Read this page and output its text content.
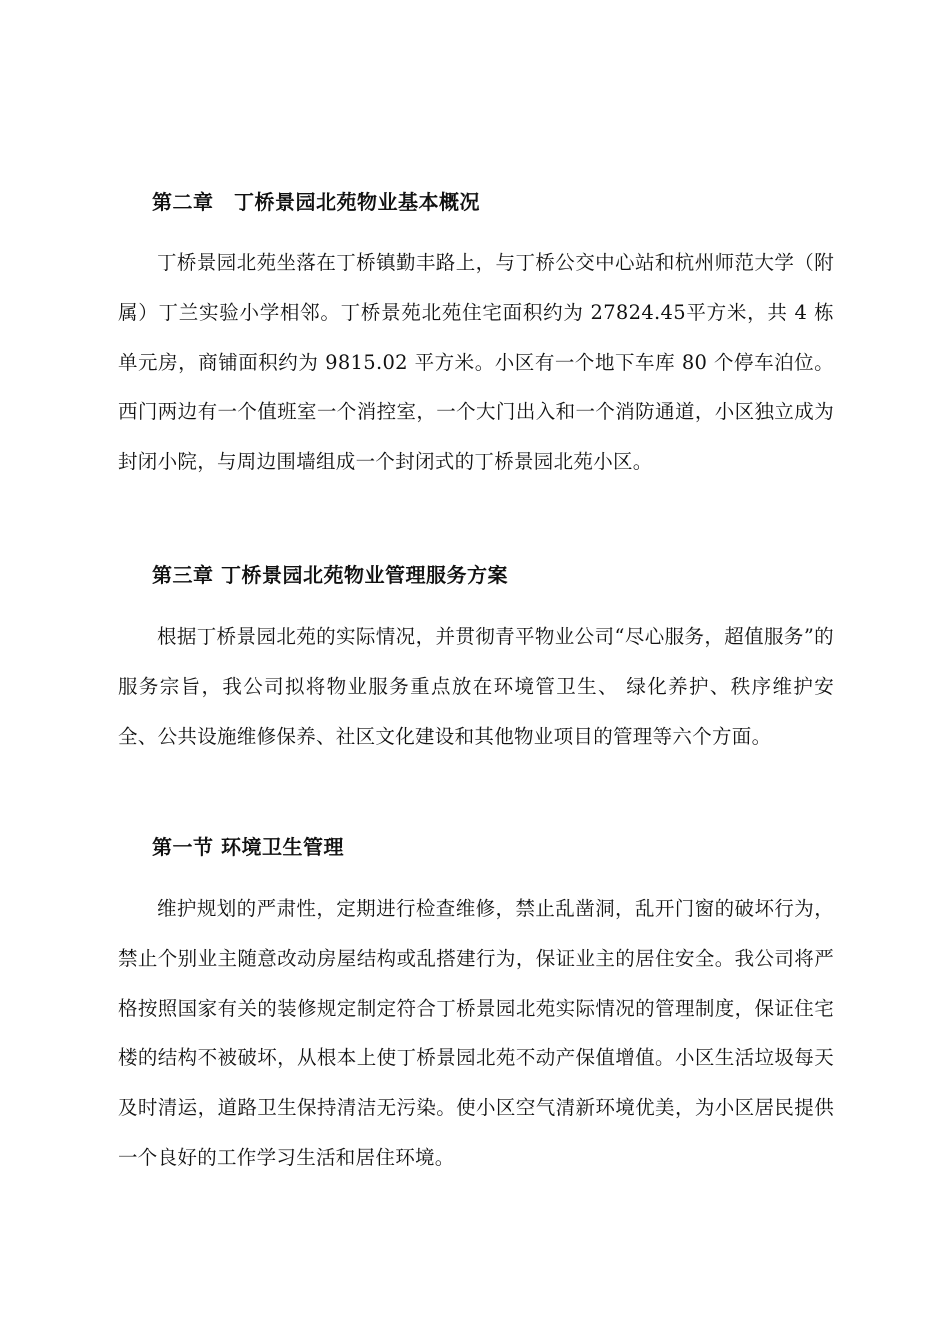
第二章　丁桥景园北苑物业基本概况
丁桥景园北苑坐落在丁桥镇勤丰路上，与丁桥公交中心站和杭州师范大学（附属）丁兰实验小学相邻。丁桥景苑北苑住宅面积约为 27824.45平方米，共 4 栋单元房，商铺面积约为 9815.02 平方米。小区有一个地下车库 80 个停车泊位。西门两边有一个值班室一个消控室，一个大门出入和一个消防通道，小区独立成为封闭小院，与周边围墙组成一个封闭式的丁桥景园北苑小区。
第三章 丁桥景园北苑物业管理服务方案
根据丁桥景园北苑的实际情况，并贯彻青平物业公司“尽心服务，超值服务”的服务宗旨，我公司拟将物业服务重点放在环境管卫生、 绿化养护、秩序维护安全、公共设施维修保养、社区文化建设和其他物业项目的管理等六个方面。
第一节 环境卫生管理
维护规划的严肃性，定期进行检查维修，禁止乱凿洞，乱开门窗的破坏行为，禁止个别业主随意改动房屋结构或乱搭建行为，保证业主的居住安全。我公司将严格按照国家有关的装修规定制定符合丁桥景园北苑实际情况的管理制度，保证住宅楼的结构不被破坏，从根本上使丁桥景园北苑不动产保值增值。小区生活垃圾每天及时清运，道路卫生保持清洁无污染。使小区空气清新环境优美，为小区居民提供一个良好的工作学习生活和居住环境。
